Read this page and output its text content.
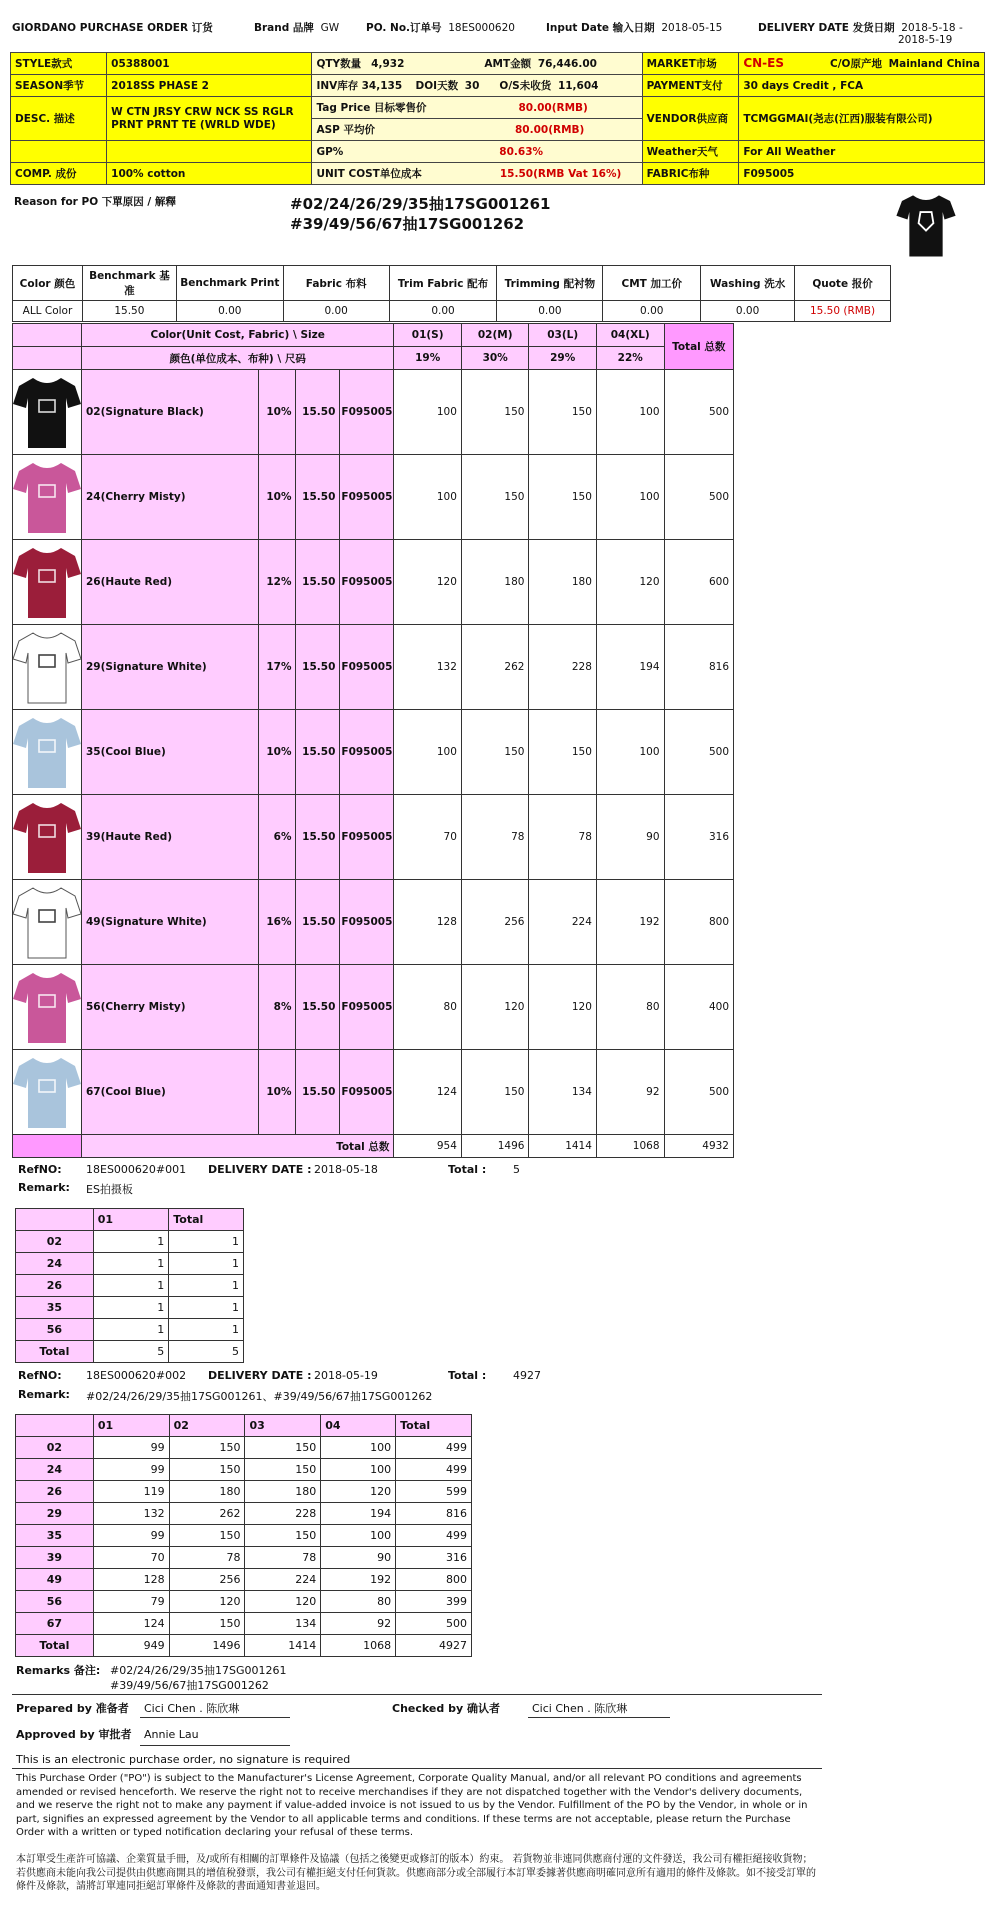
GIORDANO PURCHASE ORDER 订货	Brand 品牌 GW	PO. No.订单号 18ES000620	Input Date 输入日期 2018-05-15	DELIVERY DATE 发货日期 2018-5-18 -
2018-5-19
STYLE款式	05388001	QTY数量 4,932 AMT金额 76,446.00	MARKET市场	CN-ES C/O原产地 Mainland China
SEASON季节	2018SS PHASE 2	INV库存 34,135 DOI天数 30 O/S未收货 11,604	PAYMENT支付	30 days Credit , FCA
DESC. 描述	W CTN JRSY CRW NCK SS RGLR PRNT PRNT TE (WRLD WDE)	Tag Price 目标零售价 80.00(RMB)	VENDOR供应商	TCMGGMAI(尧志(江西)服装有限公司)
		ASP 平均价 80.00(RMB)		
		GP% 80.63%	Weather天气	For All Weather
COMP. 成份	100% cotton	UNIT COST单位成本 15.50(RMB Vat 16%)	FABRIC布种	F095005
Reason for PO 下單原因 / 解釋	#02/24/26/29/35抽17SG001261
#39/49/56/67抽17SG001262
Color 颜色	Benchmark 基准	Benchmark Print	Fabric 布料	Trim Fabric 配布	Trimming 配衬物	CMT 加工价	Washing 洗水	Quote 报价
ALL Color	15.50	0.00	0.00	0.00	0.00	0.00	0.00	15.50 (RMB)
	Color(Unit Cost, Fabric) \ Size				01(S)	02(M)	03(L)	04(XL)	Total 总数
	颜色(单位成本、布种) \ 尺码				19%	30%	29%	22%	

	02(Signature Black)	10%	15.50	F095005	100	150	150	100	500

	24(Cherry Misty)	10%	15.50	F095005	100	150	150	100	500

	26(Haute Red)	12%	15.50	F095005	120	180	180	120	600

	29(Signature White)	17%	15.50	F095005	132	262	228	194	816

	35(Cool Blue)	10%	15.50	F095005	100	150	150	100	500

	39(Haute Red)	6%	15.50	F095005	70	78	78	90	316

	49(Signature White)	16%	15.50	F095005	128	256	224	192	800

	56(Cherry Misty)	8%	15.50	F095005	80	120	120	80	400

	67(Cool Blue)	10%	15.50	F095005	124	150	134	92	500
	Total 总数				954	1496	1414	1068	4932
RefNO: 18ES000620#001 DELIVERY DATE : 2018-05-18	Total : 5
Remark: ES拍摄板
	01	Total
02	1	1
24	1	1
26	1	1
35	1	1
56	1	1
Total	5	5
RefNO: 18ES000620#002 DELIVERY DATE : 2018-05-19	Total : 4927
Remark: #02/24/26/29/35抽17SG001261、#39/49/56/67抽17SG001262
	01	02	03	04	Total
02	99	150	150	100	499
24	99	150	150	100	499
26	119	180	180	120	599
29	132	262	228	194	816
35	99	150	150	100	499
39	70	78	78	90	316
49	128	256	224	192	800
56	79	120	120	80	399
67	124	150	134	92	500
Total	949	1496	1414	1068	4927
Remarks 备注: #02/24/26/29/35抽17SG001261
#39/49/56/67抽17SG001262
Prepared by 准备者 Cici Chen . 陈欣琳	Checked by 确认者	Cici Chen . 陈欣琳
Approved by 审批者 Annie Lau
This is an electronic purchase order, no signature is required
This Purchase Order ("PO") is subject to the Manufacturer's License Agreement, Corporate Quality Manual, and/or all relevant PO conditions and agreements amended or revised henceforth. We reserve the right not to receive merchandises if they are not dispatched together with the Vendor's delivery documents, and we reserve the right not to make any payment if value-added invoice is not issued to us by the Vendor. Fulfillment of the PO by the Vendor, in whole or in part, signifies an expressed agreement by the Vendor to all applicable terms and conditions. If these terms are not acceptable, please return the Purchase Order with a written or typed notification declaring your refusal of these terms.
本訂單受生產許可協議、企業質量手冊，及/或所有相關的訂單條件及協議（包括之後變更或修訂的版本）約束。 若貨物並非連同供應商付運的文件發送，我公司有權拒絕接收貨物；若供應商未能向我公司提供由供應商開具的增值稅發票，我公司有權拒絕支付任何貨款。供應商部分或全部履行本訂單委據著供應商明確同意所有適用的條件及條款。如不接受訂單的條件及條款，請將訂單連同拒絕訂單條件及條款的書面通知書並退回。
